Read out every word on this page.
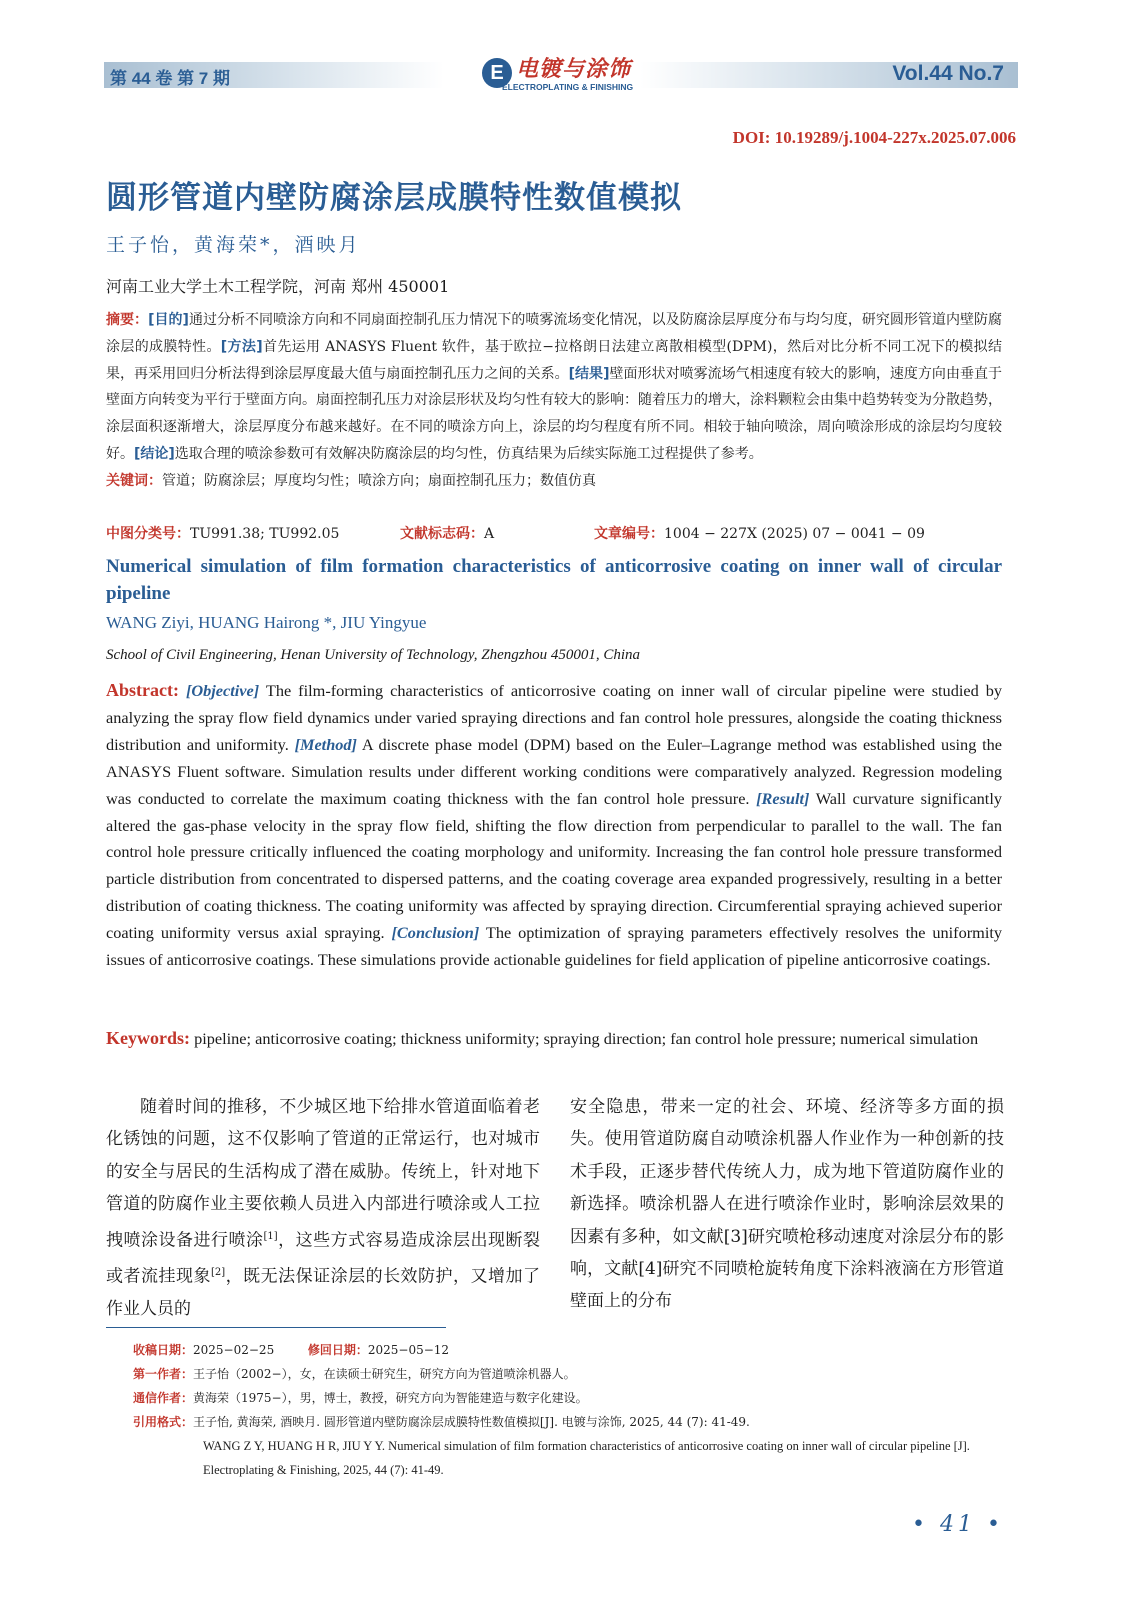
第 44 卷 第 7 期	E 电镀与涂饰
ELECTROPLATING & FINISHING
Vol.44 No.7
DOI: 10.19289/j.1004-227x.2025.07.006
圆形管道内壁防腐涂层成膜特性数值模拟
王子怡，黄海荣*，酒映月
河南工业大学土木工程学院，河南 郑州 450001
摘要：[目的]通过分析不同喷涂方向和不同扇面控制孔压力情况下的喷雾流场变化情况，以及防腐涂层厚度分布与均匀度，研究圆形管道内壁防腐涂层的成膜特性。[方法]首先运用 ANASYS Fluent 软件，基于欧拉−拉格朗日法建立离散相模型(DPM)，然后对比分析不同工况下的模拟结果，再采用回归分析法得到涂层厚度最大值与扇面控制孔压力之间的关系。[结果]壁面形状对喷雾流场气相速度有较大的影响，速度方向由垂直于壁面方向转变为平行于壁面方向。扇面控制孔压力对涂层形状及均匀性有较大的影响：随着压力的增大，涂料颗粒会由集中趋势转变为分散趋势，涂层面积逐渐增大，涂层厚度分布越来越好。在不同的喷涂方向上，涂层的均匀程度有所不同。相较于轴向喷涂，周向喷涂形成的涂层均匀度较好。[结论]选取合理的喷涂参数可有效解决防腐涂层的均匀性，仿真结果为后续实际施工过程提供了参考。
关键词：管道；防腐涂层；厚度均匀性；喷涂方向；扇面控制孔压力；数值仿真
中图分类号：TU991.38; TU992.05	文献标志码：A	文章编号：1004 − 227X (2025) 07 − 0041 − 09
Numerical simulation of film formation characteristics of anticorrosive coating on inner wall of circular pipeline
WANG Ziyi, HUANG Hairong *, JIU Yingyue
School of Civil Engineering, Henan University of Technology, Zhengzhou 450001, China
Abstract: [Objective] The film-forming characteristics of anticorrosive coating on inner wall of circular pipeline were studied by analyzing the spray flow field dynamics under varied spraying directions and fan control hole pressures, alongside the coating thickness distribution and uniformity. [Method] A discrete phase model (DPM) based on the Euler–Lagrange method was established using the ANASYS Fluent software. Simulation results under different working conditions were comparatively analyzed. Regression modeling was conducted to correlate the maximum coating thickness with the fan control hole pressure. [Result] Wall curvature significantly altered the gas-phase velocity in the spray flow field, shifting the flow direction from perpendicular to parallel to the wall. The fan control hole pressure critically influenced the coating morphology and uniformity. Increasing the fan control hole pressure transformed particle distribution from concentrated to dispersed patterns, and the coating coverage area expanded progressively, resulting in a better distribution of coating thickness. The coating uniformity was affected by spraying direction. Circumferential spraying achieved superior coating uniformity versus axial spraying. [Conclusion] The optimization of spraying parameters effectively resolves the uniformity issues of anticorrosive coatings. These simulations provide actionable guidelines for field application of pipeline anticorrosive coatings.
Keywords: pipeline; anticorrosive coating; thickness uniformity; spraying direction; fan control hole pressure; numerical simulation
随着时间的推移，不少城区地下给排水管道面临着老化锈蚀的问题，这不仅影响了管道的正常运行，也对城市的安全与居民的生活构成了潜在威胁。传统上，针对地下管道的防腐作业主要依赖人员进入内部进行喷涂或人工拉拽喷涂设备进行喷涂[1]，这些方式容易造成涂层出现断裂或者流挂现象[2]，既无法保证涂层的长效防护，又增加了作业人员的
安全隐患，带来一定的社会、环境、经济等多方面的损失。使用管道防腐自动喷涂机器人作业作为一种创新的技术手段，正逐步替代传统人力，成为地下管道防腐作业的新选择。喷涂机器人在进行喷涂作业时，影响涂层效果的因素有多种，如文献[3]研究喷枪移动速度对涂层分布的影响，文献[4]研究不同喷枪旋转角度下涂料液滴在方形管道壁面上的分布
收稿日期：2025−02−25	修回日期：2025−05−12
第一作者：王子怡（2002−），女，在读硕士研究生，研究方向为管道喷涂机器人。
通信作者：黄海荣（1975−），男，博士，教授，研究方向为智能建造与数字化建设。
引用格式：王子怡, 黄海荣, 酒映月. 圆形管道内壁防腐涂层成膜特性数值模拟[J]. 电镀与涂饰, 2025, 44 (7): 41-49.
WANG Z Y, HUANG H R, JIU Y Y. Numerical simulation of film formation characteristics of anticorrosive coating on inner wall of circular pipeline [J]. Electroplating & Finishing, 2025, 44 (7): 41-49.
• 41 •
